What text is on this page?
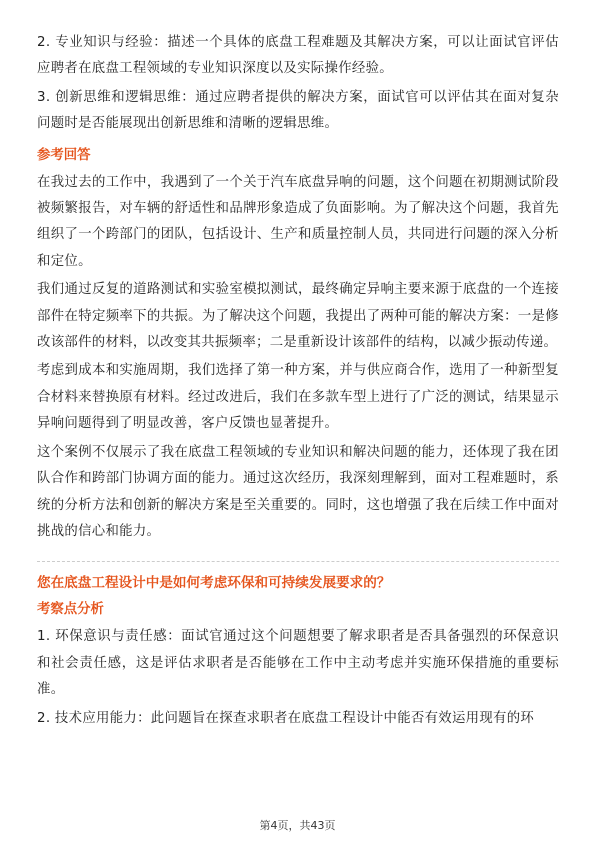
2. 专业知识与经验：描述一个具体的底盘工程难题及其解决方案，可以让面试官评估应聘者在底盘工程领域的专业知识深度以及实际操作经验。

3. 创新思维和逻辑思维：通过应聘者提供的解决方案，面试官可以评估其在面对复杂问题时是否能展现出创新思维和清晰的逻辑思维。

参考回答

在我过去的工作中，我遇到了一个关于汽车底盘异响的问题，这个问题在初期测试阶段被频繁报告，对车辆的舒适性和品牌形象造成了负面影响。为了解决这个问题，我首先组织了一个跨部门的团队，包括设计、生产和质量控制人员，共同进行问题的深入分析和定位。

我们通过反复的道路测试和实验室模拟测试，最终确定异响主要来源于底盘的一个连接部件在特定频率下的共振。为了解决这个问题，我提出了两种可能的解决方案：一是修改该部件的材料，以改变其共振频率；二是重新设计该部件的结构，以减少振动传递。

考虑到成本和实施周期，我们选择了第一种方案，并与供应商合作，选用了一种新型复合材料来替换原有材料。经过改进后，我们在多款车型上进行了广泛的测试，结果显示异响问题得到了明显改善，客户反馈也显著提升。

这个案例不仅展示了我在底盘工程领域的专业知识和解决问题的能力，还体现了我在团队合作和跨部门协调方面的能力。通过这次经历，我深刻理解到，面对工程难题时，系统的分析方法和创新的解决方案是至关重要的。同时，这也增强了我在后续工作中面对挑战的信心和能力。

您在底盘工程设计中是如何考虑环保和可持续发展要求的？
考察点分析

1. 环保意识与责任感：面试官通过这个问题想要了解求职者是否具备强烈的环保意识和社会责任感，这是评估求职者是否能够在工作中主动考虑并实施环保措施的重要标准。

2. 技术应用能力：此问题旨在探查求职者在底盘工程设计中能否有效运用现有的环

第4页，共43页
